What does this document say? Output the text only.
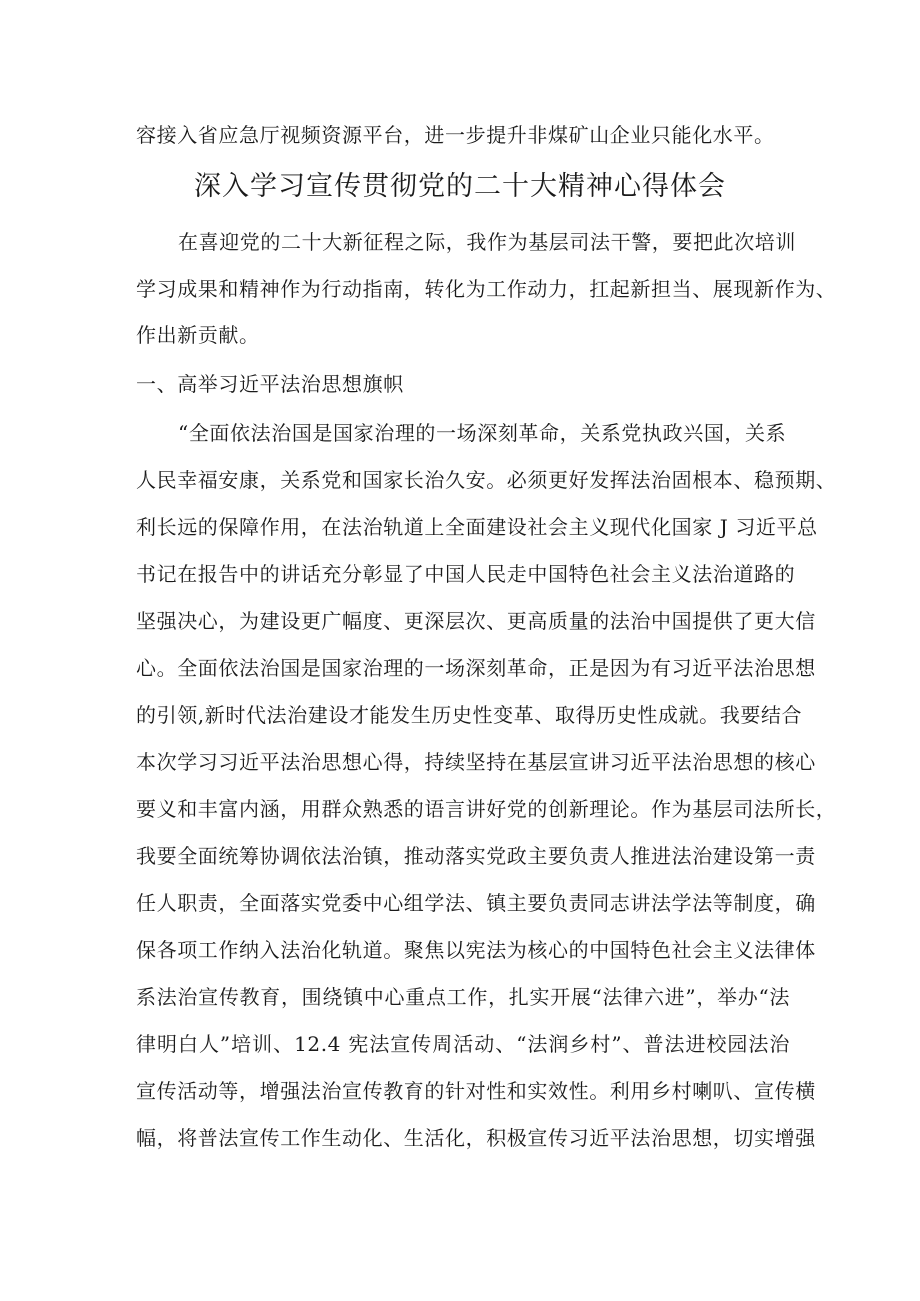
容接入省应急厅视频资源平台，进一步提升非煤矿山企业只能化水平。
深入学习宣传贯彻党的二十大精神心得体会
在喜迎党的二十大新征程之际，我作为基层司法干警，要把此次培训
学习成果和精神作为行动指南，转化为工作动力，扛起新担当、展现新作为、
作出新贡献。
一、高举习近平法治思想旗帜
“全面依法治国是国家治理的一场深刻革命，关系党执政兴国，关系
人民幸福安康，关系党和国家长治久安。必须更好发挥法治固根本、稳预期、
利长远的保障作用，在法治轨道上全面建设社会主义现代化国家 J 习近平总
书记在报告中的讲话充分彰显了中国人民走中国特色社会主义法治道路的
坚强决心，为建设更广幅度、更深层次、更高质量的法治中国提供了更大信
心。全面依法治国是国家治理的一场深刻革命，正是因为有习近平法治思想
的引领,新时代法治建设才能发生历史性变革、取得历史性成就。我要结合
本次学习习近平法治思想心得，持续坚持在基层宣讲习近平法治思想的核心
要义和丰富内涵，用群众熟悉的语言讲好党的创新理论。作为基层司法所长，
我要全面统筹协调依法治镇，推动落实党政主要负责人推进法治建设第一责
任人职责，全面落实党委中心组学法、镇主要负责同志讲法学法等制度，确
保各项工作纳入法治化轨道。聚焦以宪法为核心的中国特色社会主义法律体
系法治宣传教育，围绕镇中心重点工作，扎实开展“法律六进”，举办“法
律明白人”培训、12.4 宪法宣传周活动、“法润乡村”、普法进校园法治
宣传活动等，增强法治宣传教育的针对性和实效性。利用乡村喇叭、宣传横
幅，将普法宣传工作生动化、生活化，积极宣传习近平法治思想，切实增强
